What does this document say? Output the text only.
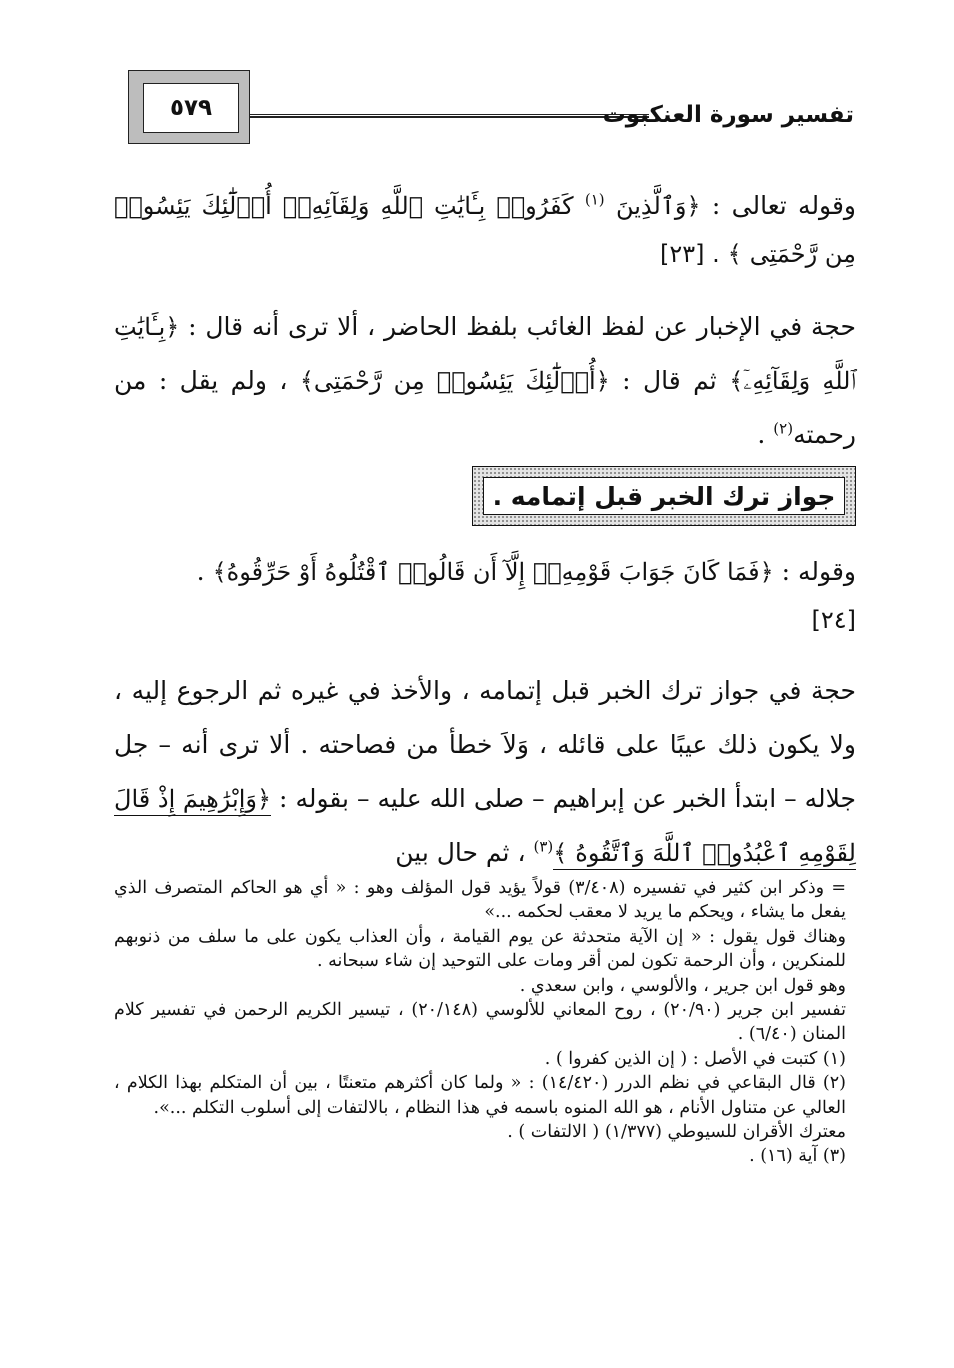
٥٧٩	تفسير سورة العنكبوت

وقوله تعالى : ﴿وَٱلَّذِينَ $^{(١)}$ كَفَرُوا۟ بِـَٔايَٰتِ ٱللَّهِ وَلِقَآئِهِۦٓ أُو۟لَٰٓئِكَ يَئِسُوا۟ مِن رَّحْمَتِى ﴾ . [٢٣]

حجة في الإخبار عن لفظ الغائب بلفظ الحاضر ، ألا ترى أنه قال : ﴿بِـَٔايَٰتِ ٱللَّهِ وَلِقَآئِهِۦٓ﴾ ثم قال : ﴿أُو۟لَٰٓئِكَ يَئِسُوا۟ مِن رَّحْمَتِى﴾ ، ولم يقل : من رحمته$^{(٢)}$ .

جواز ترك الخبر قبل إتمامه .

وقوله : ﴿فَمَا كَانَ جَوَابَ قَوْمِهِۦٓ إِلَّآ أَن قَالُوا۟ ٱقْتُلُوهُ أَوْ حَرِّقُوهُ﴾ .
[٢٤]

حجة في جواز ترك الخبر قبل إتمامه ، والأخذ في غيره ثم الرجوع إليه ، ولا يكون ذلك عيبًا على قائله ، وَلاَ خطأ من فصاحته . ألا ترى أنه – جل جلاله – ابتدأ الخبر عن إبراهيم – صلى الله عليه – بقوله : ﴿وَإِبْرَٰهِيمَ إِذْ قَالَ لِقَوْمِهِ ٱعْبُدُوا۟ ٱللَّهَ وَٱتَّقُوهُ ﴾$^{(٣)}$ ، ثم حال بين

= وذكر ابن كثير في تفسيره (٣/٤٠٨) قولاً يؤيد قول المؤلف وهو : « أي هو الحاكم المتصرف الذي يفعل ما يشاء ، ويحكم ما يريد لا معقب لحكمه ...»

وهناك قول يقول : « إن الآية متحدثة عن يوم القيامة ، وأن العذاب يكون على ما سلف من ذنوبهم للمنكرين ، وأن الرحمة تكون لمن أقر ومات على التوحيد إن شاء سبحانه .

وهو قول ابن جرير ، والألوسي ، وابن سعدي .

تفسير ابن جرير (٢٠/٩٠) ، روح المعاني للألوسي (٢٠/١٤٨) ، تيسير الكريم الرحمن في تفسير كلام المنان (٦/٤٠) .

(١) كتبت في الأصل : ( إن الذين كفروا ) .

(٢) قال البقاعي في نظم الدرر (١٤/٤٢٠) : « ولما كان أكثرهم متعنتًا ، بين أن المتكلم بهذا الكلام ، العالي عن متناول الأنام ، هو الله المنوه باسمه في هذا النظام ، بالالتفات إلى أسلوب التكلم ...».

معترك الأقران للسيوطي (١/٣٧٧) ( الالتفات ) .

(٣) آية (١٦) .
